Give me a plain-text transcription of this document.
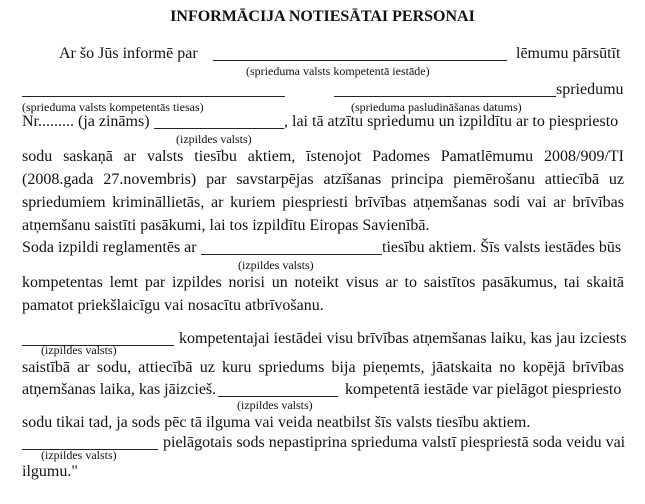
INFORMĀCIJA NOTIESĀTAI PERSONAI
Ar šo Jūs informē par	lēmumu pārsūtīt
(sprieduma valsts kompetentā iestāde)
spriedumu
(sprieduma valsts kompetentās tiesas)	(sprieduma pasludināšanas datums)
Nr......... (ja zināms)	, lai tā atzītu spriedumu un izpildītu ar to piespriesto
(izpildes valsts)
sodu saskaņā ar valsts tiesību aktiem, īstenojot Padomes Pamatlēmumu 2008/909/TI
(2008.gada 27.novembris) par savstarpējas atzīšanas principa piemērošanu attiecībā uz
spriedumiem krimināllietās, ar kuriem piespriesti brīvības atņemšanas sodi vai ar brīvības
atņemšanu saistīti pasākumi, lai tos izpildītu Eiropas Savienībā.
Soda izpildi reglamentēs ar	tiesību aktiem. Šīs valsts iestādes būs
(izpildes valsts)
kompetentas lemt par izpildes norisi un noteikt visus ar to saistītos pasākumus, tai skaitā
pamatot priekšlaicīgu vai nosacītu atbrīvošanu.
kompetentajai iestādei visu brīvības atņemšanas laiku, kas jau izciests
(izpildes valsts)
saistībā ar sodu, attiecībā uz kuru spriedums bija pieņemts, jāatskaita no kopējā brīvības
atņemšanas laika, kas jāizcieš.	kompetentā iestāde var pielāgot piespriesto
(izpildes valsts)
sodu tikai tad, ja sods pēc tā ilguma vai veida neatbilst šīs valsts tiesību aktiem.
pielāgotais sods nepastiprina sprieduma valstī piespriestā soda veidu vai
(izpildes valsts)
ilgumu."
